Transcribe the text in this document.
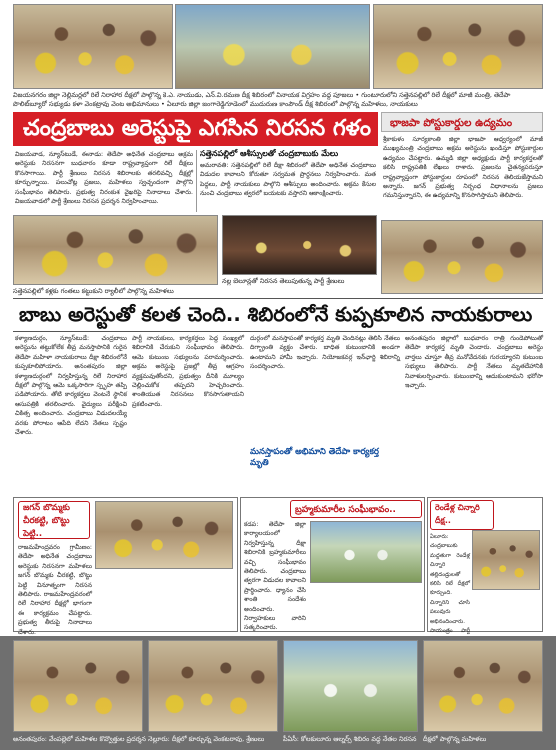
విజయనగరం జిల్లా నెల్లిమర్లలో రిలే నిరాహార దీక్షలో పాల్గొన్న కె.ఎ. నాయుడు, ఎన్.వి.రమణ దీక్ష శిబిరంలో వినాయక విగ్రహం వద్ద పూజలు • గుంటూరులోని సత్తెనపల్లిలో రిలే దీక్షలో మాజీ మంత్రి, తెదేపా
పొలిట్‌బ్యూరో సభ్యుడు కళా వెంకట్రావు వెంట అభిమానులు • ఏలూరు జిల్లా జంగారెడ్డిగూడెంలో ముదురుణ కాంపౌండ్ దీక్ష శిబిరంలో పాల్గొన్న మహిళలు, నాయకులు
చంద్రబాబు అరెస్టుపై ఎగసిన నిరసన గళం	భాజపా పోస్టుకార్డుల ఉద్యమం
శ్రీకాకుళం సూర్యకాంతి జిల్లా భాజపా ఆధ్వర్యంలో మాజీ ముఖ్యమంత్రి చంద్రబాబు అక్రమ అరెస్టును ఖండిస్తూ పోస్టుకార్డుల ఉద్యమం చేపట్టారు. ఉమ్మడి జిల్లా అధ్యక్షుడు పార్టీ కార్యకర్తలతో కలిసి రాష్ట్రపతికి లేఖలు రాశారు. ప్రజలను చైతన్యపరుస్తూ రాష్ట్రవ్యాప్తంగా పోస్టుకార్డుల రూపంలో నిరసన తెలియజేస్తామని అన్నారు. జగన్ ప్రభుత్వ నిర్బంధ విధానాలను ప్రజలు గమనిస్తున్నారని, ఈ ఉద్యమాన్ని కొనసాగిస్తామని తెలిపారు.
విజయవాడ, న్యూస్‌టుడే, ఈనాడు: తెదేపా అధినేత చంద్రబాబు అక్రమ అరెస్టుకు నిరసనగా బుధవారం కూడా రాష్ట్రవ్యాప్తంగా రిలే దీక్షలు కొనసాగాయి. పార్టీ శ్రేణులు నిరసన శిబిరాలకు తరలివచ్చి దీక్షల్లో కూర్చున్నాయి. పలుచోట్ల ప్రజలు, మహిళలు స్వచ్ఛందంగా పాల్గొని సంఘీభావం తెలిపారు. ప్రభుత్వ నిరంకుశ వైఖరిపై నినాదాలు చేశారు. విజయవాడలో పార్టీ శ్రేణులు నిరసన ప్రదర్శన నిర్వహించాయి.
సత్తెనపల్లిలో ఆశీస్సులతో చంద్రబాబుకు మేలు
అమరావతి: సత్తెనపల్లిలో రిలే దీక్షా శిబిరంలో తెదేపా అధినేత చంద్రబాబు విడుదల కావాలని కోరుతూ సర్వమత ప్రార్థనలు నిర్వహించారు. మత పెద్దలు, పార్టీ నాయకులు పాల్గొని ఆశీస్సులు అందించారు. అక్రమ కేసుల నుంచి చంద్రబాబు త్వరలో బయటకు వస్తారని ఆకాంక్షించారు.
సత్తెనపల్లిలో కళ్లకు గంతలు కట్టుకుని ర్యాలీలో పాల్గొన్న మహిళలు
నల్ల బెలూన్లతో నిరసన తెలుపుతున్న పార్టీ శ్రేణులు
బాబు అరెస్టుతో కలత చెంది.. శిబిరంలోనే కుప్పకూలిన నాయకురాలు
కళ్యాణదుర్గం, న్యూస్‌టుడే: చంద్రబాబు అరెస్టును తట్టుకోలేక తీవ్ర మనస్తాపానికి గురైన తెదేపా మహిళా నాయకురాలు దీక్షా శిబిరంలోనే కుప్పకూలిపోయారు. అనంతపురం జిల్లా కళ్యాణదుర్గంలో నిర్వహిస్తున్న రిలే నిరాహార దీక్షలో పాల్గొన్న ఆమె ఒక్కసారిగా స్పృహ తప్పి పడిపోయారు. తోటి కార్యకర్తలు వెంటనే స్థానిక ఆసుపత్రికి తరలించారు. వైద్యులు పరీక్షించి చికిత్స అందించారు. చంద్రబాబు విడుదలయ్యే వరకు పోరాటం ఆపేది లేదని నేతలు స్పష్టం చేశారు.
పార్టీ నాయకులు, కార్యకర్తలు పెద్ద సంఖ్యలో శిబిరానికి చేరుకుని సంఘీభావం తెలిపారు. ఆమె కుటుంబ సభ్యులను పరామర్శించారు. అక్రమ అరెస్టుపై ప్రజల్లో తీవ్ర ఆగ్రహం వ్యక్తమవుతోందని, ప్రభుత్వం దీనికి మూల్యం చెల్లించుకోక తప్పదని హెచ్చరించారు. శాంతియుత నిరసనలు కొనసాగుతాయని ప్రకటించారు.
దుర్గంలో మనస్తాపంతో కార్యకర్త మృతి చెందినట్లు తెలిసి నేతలు దిగ్భ్రాంతి వ్యక్తం చేశారు. బాధిత కుటుంబానికి అండగా ఉంటామని హామీ ఇచ్చారు. నియోజకవర్గ ఇన్‌ఛార్జి శిబిరాన్ని సందర్శించారు.
మనస్తాపంతో అభిమాని తెదేపా కార్యకర్త మృతి
అనంతపురం జిల్లాలో బుధవారం రాత్రి గుండెపోటుతో తెదేపా కార్యకర్త మృతి చెందారు. చంద్రబాబు అరెస్టు వార్తలు చూస్తూ తీవ్ర మనోవేదనకు గురయ్యారని కుటుంబ సభ్యులు తెలిపారు. పార్టీ నేతలు మృతదేహానికి నివాళులర్పించారు. కుటుంబాన్ని ఆదుకుంటామని భరోసా ఇచ్చారు.
జగన్ బొమ్మకు చీరకట్టి, బొట్టు పెట్టి..
రాజమహేంద్రవరం గ్రామీణం: తెదేపా అధినేత చంద్రబాబు అరెస్టుకు నిరసనగా మహిళలు జగన్ బొమ్మకు చీరకట్టి, బొట్టు పెట్టి వినూత్నంగా నిరసన తెలిపారు. రాజమహేంద్రవరంలో రిలే నిరాహార దీక్షల్లో భాగంగా ఈ కార్యక్రమం చేపట్టారు. ప్రభుత్వ తీరుపై నినాదాలు చేశారు.
బ్రహ్మకుమారీల సంఘీభావం..
కడప: తెదేపా జిల్లా కార్యాలయంలో నిర్వహిస్తున్న దీక్షా శిబిరానికి బ్రహ్మకుమారీలు వచ్చి సంఘీభావం తెలిపారు. చంద్రబాబు త్వరగా విడుదల కావాలని ప్రార్థించారు. ధ్యానం చేసి శాంతి సందేశం అందించారు. నిర్వాహకులు వారిని సత్కరించారు.
రెండేళ్ల చిన్నారి దీక్ష..
ఏలూరు: చంద్రబాబుకు మద్దతుగా రెండేళ్ల చిన్నారి తల్లిదండ్రులతో కలిసి రిలే దీక్షలో కూర్చుంది. చిన్నారిని చూసి పలువురు అభినందించారు. సాయంత్రం పార్టీ
అనంతపురం: వేంపల్లెలో మహిళల కొవ్వొత్తుల ప్రదర్శన నెల్లూరు: దీక్షలో కూర్చున్న వెంకటరావు, శ్రేణులు	పీఏసీ: కోలకులూరు ఆల్నర్స్ శిబిరం వద్ద నేతల నిరసన దీక్షలో పాల్గొన్న మహిళలు
